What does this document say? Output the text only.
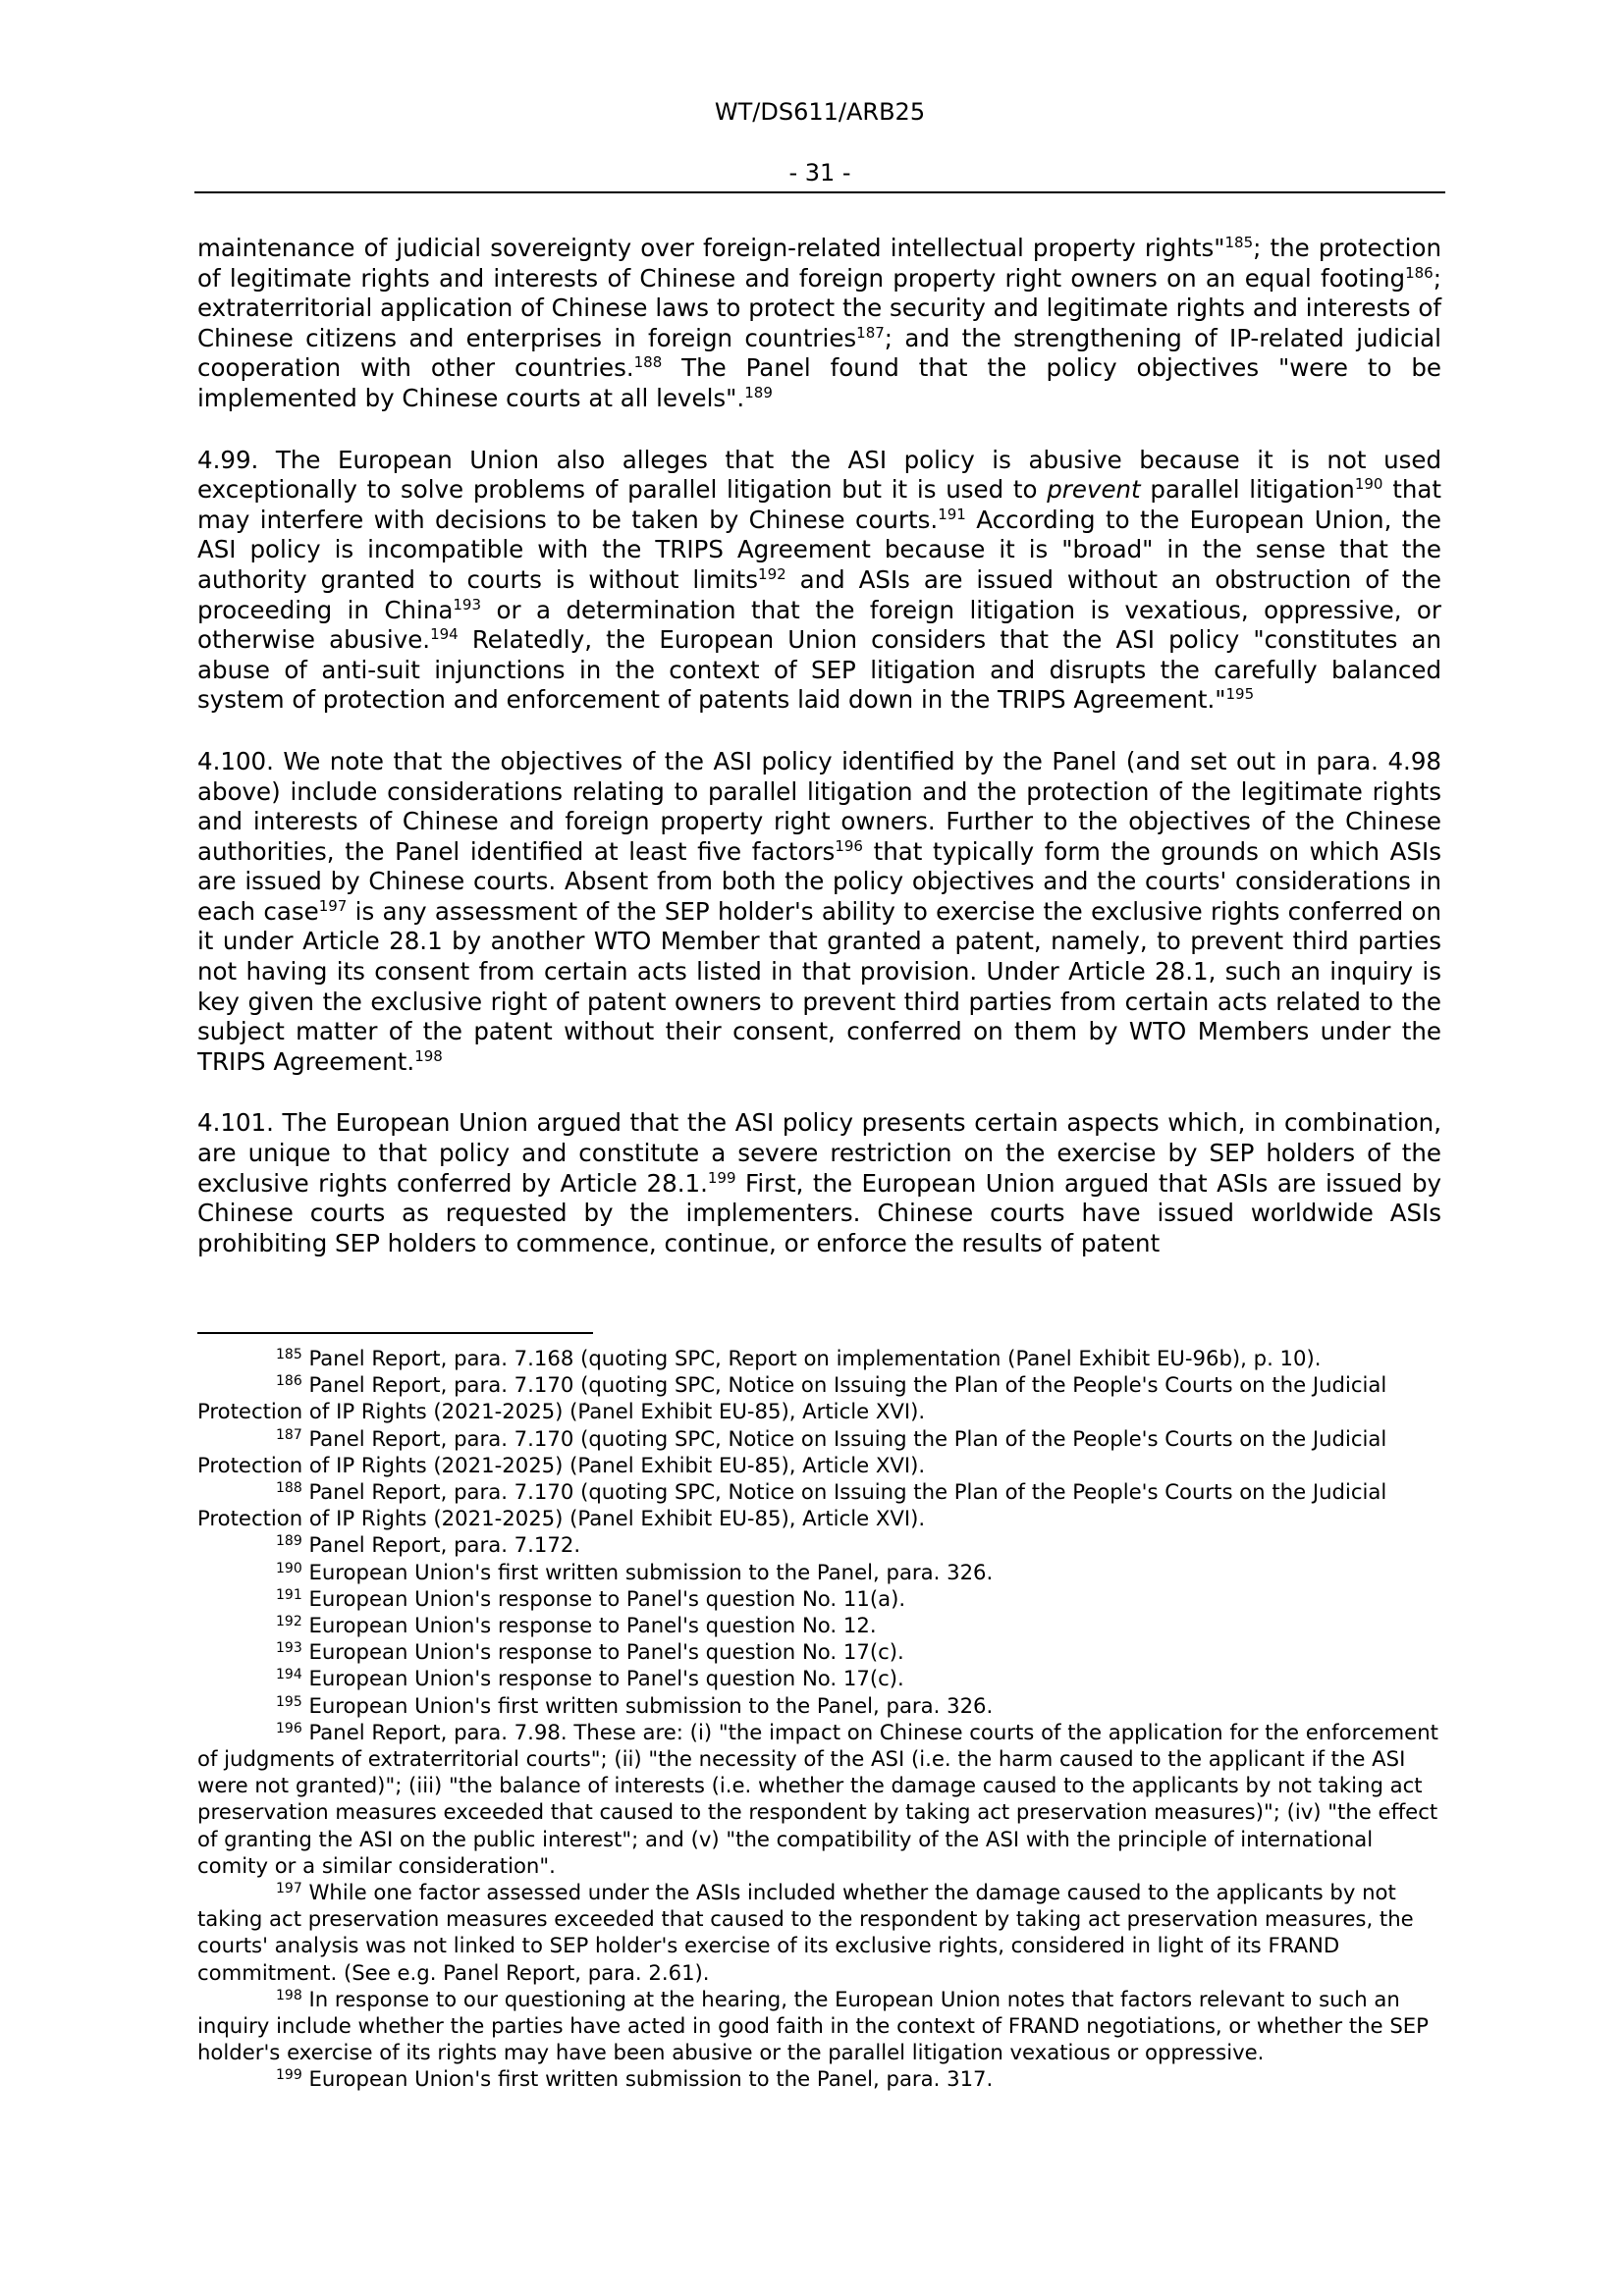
WT/DS611/ARB25
- 31 -

maintenance of judicial sovereignty over foreign-related intellectual property rights"$^{185}$; the protection of legitimate rights and interests of Chinese and foreign property right owners on an equal footing$^{186}$; extraterritorial application of Chinese laws to protect the security and legitimate rights and interests of Chinese citizens and enterprises in foreign countries$^{187}$; and the strengthening of IP-related judicial cooperation with other countries.$^{188}$ The Panel found that the policy objectives "were to be implemented by Chinese courts at all levels".$^{189}$

4.99. The European Union also alleges that the ASI policy is abusive because it is not used exceptionally to solve problems of parallel litigation but it is used to prevent parallel litigation$^{190}$ that may interfere with decisions to be taken by Chinese courts.$^{191}$ According to the European Union, the ASI policy is incompatible with the TRIPS Agreement because it is "broad" in the sense that the authority granted to courts is without limits$^{192}$ and ASIs are issued without an obstruction of the proceeding in China$^{193}$ or a determination that the foreign litigation is vexatious, oppressive, or otherwise abusive.$^{194}$ Relatedly, the European Union considers that the ASI policy "constitutes an abuse of anti-suit injunctions in the context of SEP litigation and disrupts the carefully balanced system of protection and enforcement of patents laid down in the TRIPS Agreement."$^{195}$

4.100. We note that the objectives of the ASI policy identified by the Panel (and set out in para. 4.98 above) include considerations relating to parallel litigation and the protection of the legitimate rights and interests of Chinese and foreign property right owners. Further to the objectives of the Chinese authorities, the Panel identified at least five factors$^{196}$ that typically form the grounds on which ASIs are issued by Chinese courts. Absent from both the policy objectives and the courts' considerations in each case$^{197}$ is any assessment of the SEP holder's ability to exercise the exclusive rights conferred on it under Article 28.1 by another WTO Member that granted a patent, namely, to prevent third parties not having its consent from certain acts listed in that provision. Under Article 28.1, such an inquiry is key given the exclusive right of patent owners to prevent third parties from certain acts related to the subject matter of the patent without their consent, conferred on them by WTO Members under the TRIPS Agreement.$^{198}$

4.101. The European Union argued that the ASI policy presents certain aspects which, in combination, are unique to that policy and constitute a severe restriction on the exercise by SEP holders of the exclusive rights conferred by Article 28.1.$^{199}$ First, the European Union argued that ASIs are issued by Chinese courts as requested by the implementers. Chinese courts have issued worldwide ASIs prohibiting SEP holders to commence, continue, or enforce the results of patent

$^{185}$ Panel Report, para. 7.168 (quoting SPC, Report on implementation (Panel Exhibit EU-96b), p. 10).

$^{186}$ Panel Report, para. 7.170 (quoting SPC, Notice on Issuing the Plan of the People's Courts on the Judicial Protection of IP Rights (2021-2025) (Panel Exhibit EU-85), Article XVI).

$^{187}$ Panel Report, para. 7.170 (quoting SPC, Notice on Issuing the Plan of the People's Courts on the Judicial Protection of IP Rights (2021-2025) (Panel Exhibit EU-85), Article XVI).

$^{188}$ Panel Report, para. 7.170 (quoting SPC, Notice on Issuing the Plan of the People's Courts on the Judicial Protection of IP Rights (2021-2025) (Panel Exhibit EU-85), Article XVI).

$^{189}$ Panel Report, para. 7.172.

$^{190}$ European Union's first written submission to the Panel, para. 326.

$^{191}$ European Union's response to Panel's question No. 11(a).

$^{192}$ European Union's response to Panel's question No. 12.

$^{193}$ European Union's response to Panel's question No. 17(c).

$^{194}$ European Union's response to Panel's question No. 17(c).

$^{195}$ European Union's first written submission to the Panel, para. 326.

$^{196}$ Panel Report, para. 7.98. These are: (i) "the impact on Chinese courts of the application for the enforcement of judgments of extraterritorial courts"; (ii) "the necessity of the ASI (i.e. the harm caused to the applicant if the ASI were not granted)"; (iii) "the balance of interests (i.e. whether the damage caused to the applicants by not taking act preservation measures exceeded that caused to the respondent by taking act preservation measures)"; (iv) "the effect of granting the ASI on the public interest"; and (v) "the compatibility of the ASI with the principle of international comity or a similar consideration".

$^{197}$ While one factor assessed under the ASIs included whether the damage caused to the applicants by not taking act preservation measures exceeded that caused to the respondent by taking act preservation measures, the courts' analysis was not linked to SEP holder's exercise of its exclusive rights, considered in light of its FRAND commitment. (See e.g. Panel Report, para. 2.61).

$^{198}$ In response to our questioning at the hearing, the European Union notes that factors relevant to such an inquiry include whether the parties have acted in good faith in the context of FRAND negotiations, or whether the SEP holder's exercise of its rights may have been abusive or the parallel litigation vexatious or oppressive.

$^{199}$ European Union's first written submission to the Panel, para. 317.
